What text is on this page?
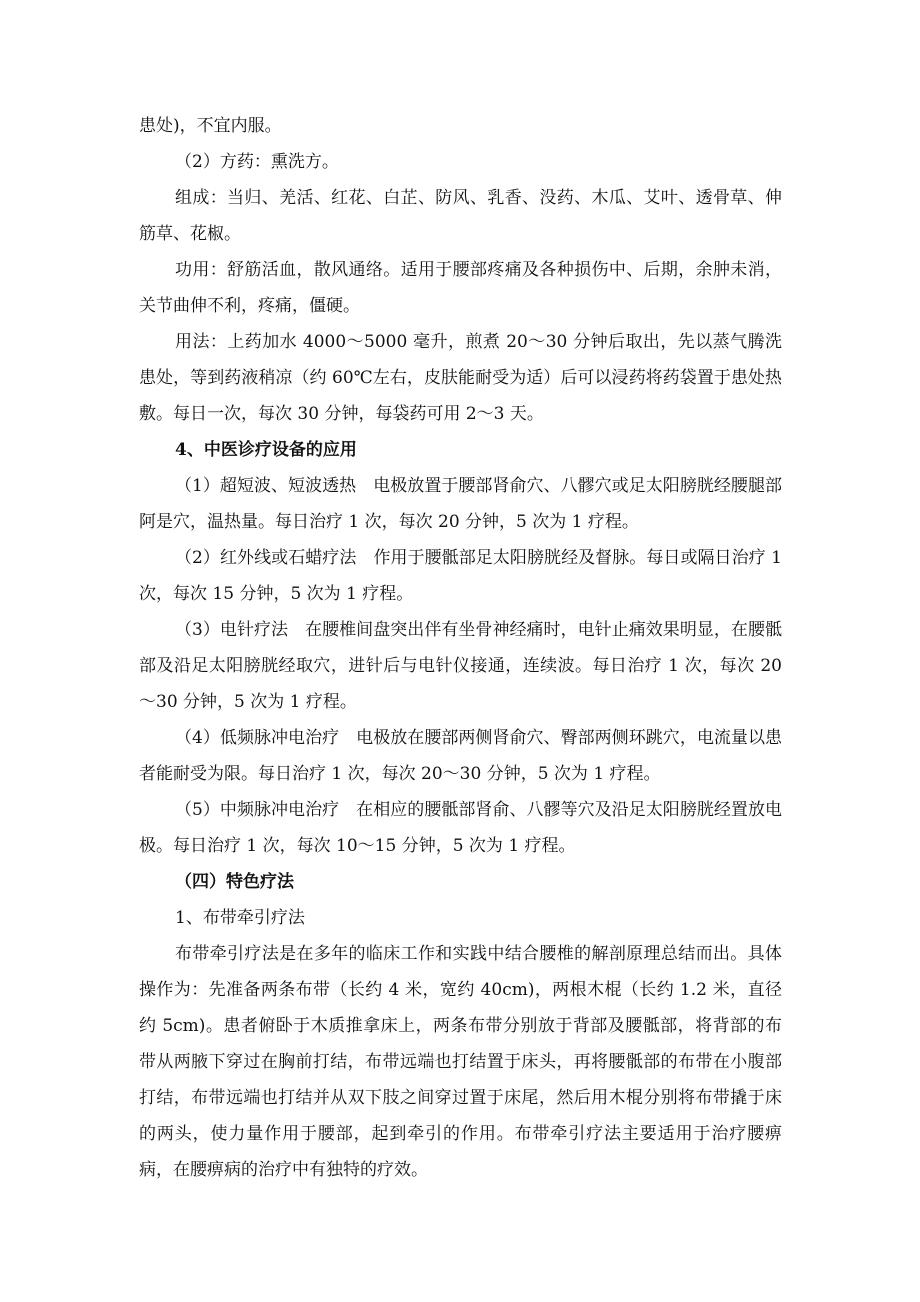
患处)，不宜内服。

（2）方药：熏洗方。

组成：当归、羌活、红花、白芷、防风、乳香、没药、木瓜、艾叶、透骨草、伸筋草、花椒。

功用：舒筋活血，散风通络。适用于腰部疼痛及各种损伤中、后期，余肿未消，关节曲伸不利，疼痛，僵硬。

用法：上药加水 4000～5000 毫升，煎煮 20～30 分钟后取出，先以蒸气腾洗患处，等到药液稍凉（约 60℃左右，皮肤能耐受为适）后可以浸药将药袋置于患处热敷。每日一次，每次 30 分钟，每袋药可用 2～3 天。

4、中医诊疗设备的应用

（1）超短波、短波透热　电极放置于腰部肾俞穴、八髎穴或足太阳膀胱经腰腿部阿是穴，温热量。每日治疗 1 次，每次 20 分钟，5 次为 1 疗程。

（2）红外线或石蜡疗法　作用于腰骶部足太阳膀胱经及督脉。每日或隔日治疗 1 次，每次 15 分钟，5 次为 1 疗程。

（3）电针疗法　在腰椎间盘突出伴有坐骨神经痛时，电针止痛效果明显，在腰骶部及沿足太阳膀胱经取穴，进针后与电针仪接通，连续波。每日治疗 1 次，每次 20～30 分钟，5 次为 1 疗程。

（4）低频脉冲电治疗　电极放在腰部两侧肾俞穴、臀部两侧环跳穴，电流量以患者能耐受为限。每日治疗 1 次，每次 20～30 分钟，5 次为 1 疗程。

（5）中频脉冲电治疗　在相应的腰骶部肾俞、八髎等穴及沿足太阳膀胱经置放电极。每日治疗 1 次，每次 10～15 分钟，5 次为 1 疗程。

（四）特色疗法

1、布带牵引疗法

布带牵引疗法是在多年的临床工作和实践中结合腰椎的解剖原理总结而出。具体操作为：先准备两条布带（长约 4 米，宽约 40cm)，两根木棍（长约 1.2 米，直径约 5cm)。患者俯卧于木质推拿床上，两条布带分别放于背部及腰骶部，将背部的布带从两腋下穿过在胸前打结，布带远端也打结置于床头，再将腰骶部的布带在小腹部打结，布带远端也打结并从双下肢之间穿过置于床尾，然后用木棍分别将布带撬于床的两头，使力量作用于腰部，起到牵引的作用。布带牵引疗法主要适用于治疗腰痹病，在腰痹病的治疗中有独特的疗效。
